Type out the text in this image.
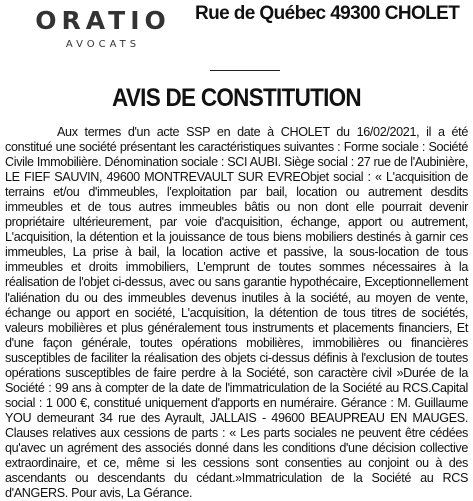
ORATIO
AVOCATS
Rue de Québec 49300 CHOLET
AVIS DE CONSTITUTION

Aux termes d'un acte SSP en date à CHOLET du 16/02/2021, il a été constitué une société présentant les caractéristiques suivantes : Forme sociale : Société Civile Immobilière. Dénomination sociale : SCI AUBI. Siège social : 27 rue de l'Aubinière, LE FIEF SAUVIN, 49600 MONTREVAULT SUR EVREObjet social : « L'acquisition de terrains et/ou d'immeubles, l'exploitation par bail, location ou autrement desdits immeubles et de tous autres immeubles bâtis ou non dont elle pourrait devenir propriétaire ultérieurement, par voie d'acquisition, échange, apport ou autrement, L'acquisition, la détention et la jouissance de tous biens mobiliers destinés à garnir ces immeubles, La prise à bail, la location active et passive, la sous-location de tous immeubles et droits immobiliers, L'emprunt de toutes sommes nécessaires à la réalisation de l'objet ci-dessus, avec ou sans garantie hypothécaire, Exceptionnellement l'aliénation du ou des immeubles devenus inutiles à la société, au moyen de vente, échange ou apport en société, L'acquisition, la détention de tous titres de sociétés, valeurs mobilières et plus généralement tous instruments et placements financiers, Et d'une façon générale, toutes opérations mobilières, immobilières ou financières susceptibles de faciliter la réalisation des objets ci-dessus définis à l'exclusion de toutes opérations susceptibles de faire perdre à la Société, son caractère civil »Durée de la Société : 99 ans à compter de la date de l'immatriculation de la Société au RCS.Capital social : 1 000 €, constitué uniquement d'apports en numéraire. Gérance : M. Guillaume YOU demeurant 34 rue des Ayrault, JALLAIS - 49600 BEAUPREAU EN MAUGES. Clauses relatives aux cessions de parts : « Les parts sociales ne peuvent être cédées qu'avec un agrément des associés donné dans les conditions d'une décision collective extraordinaire, et ce, même si les cessions sont consenties au conjoint ou à des ascendants ou descendants du cédant.»Immatriculation de la Société au RCS d'ANGERS. Pour avis, La Gérance.
